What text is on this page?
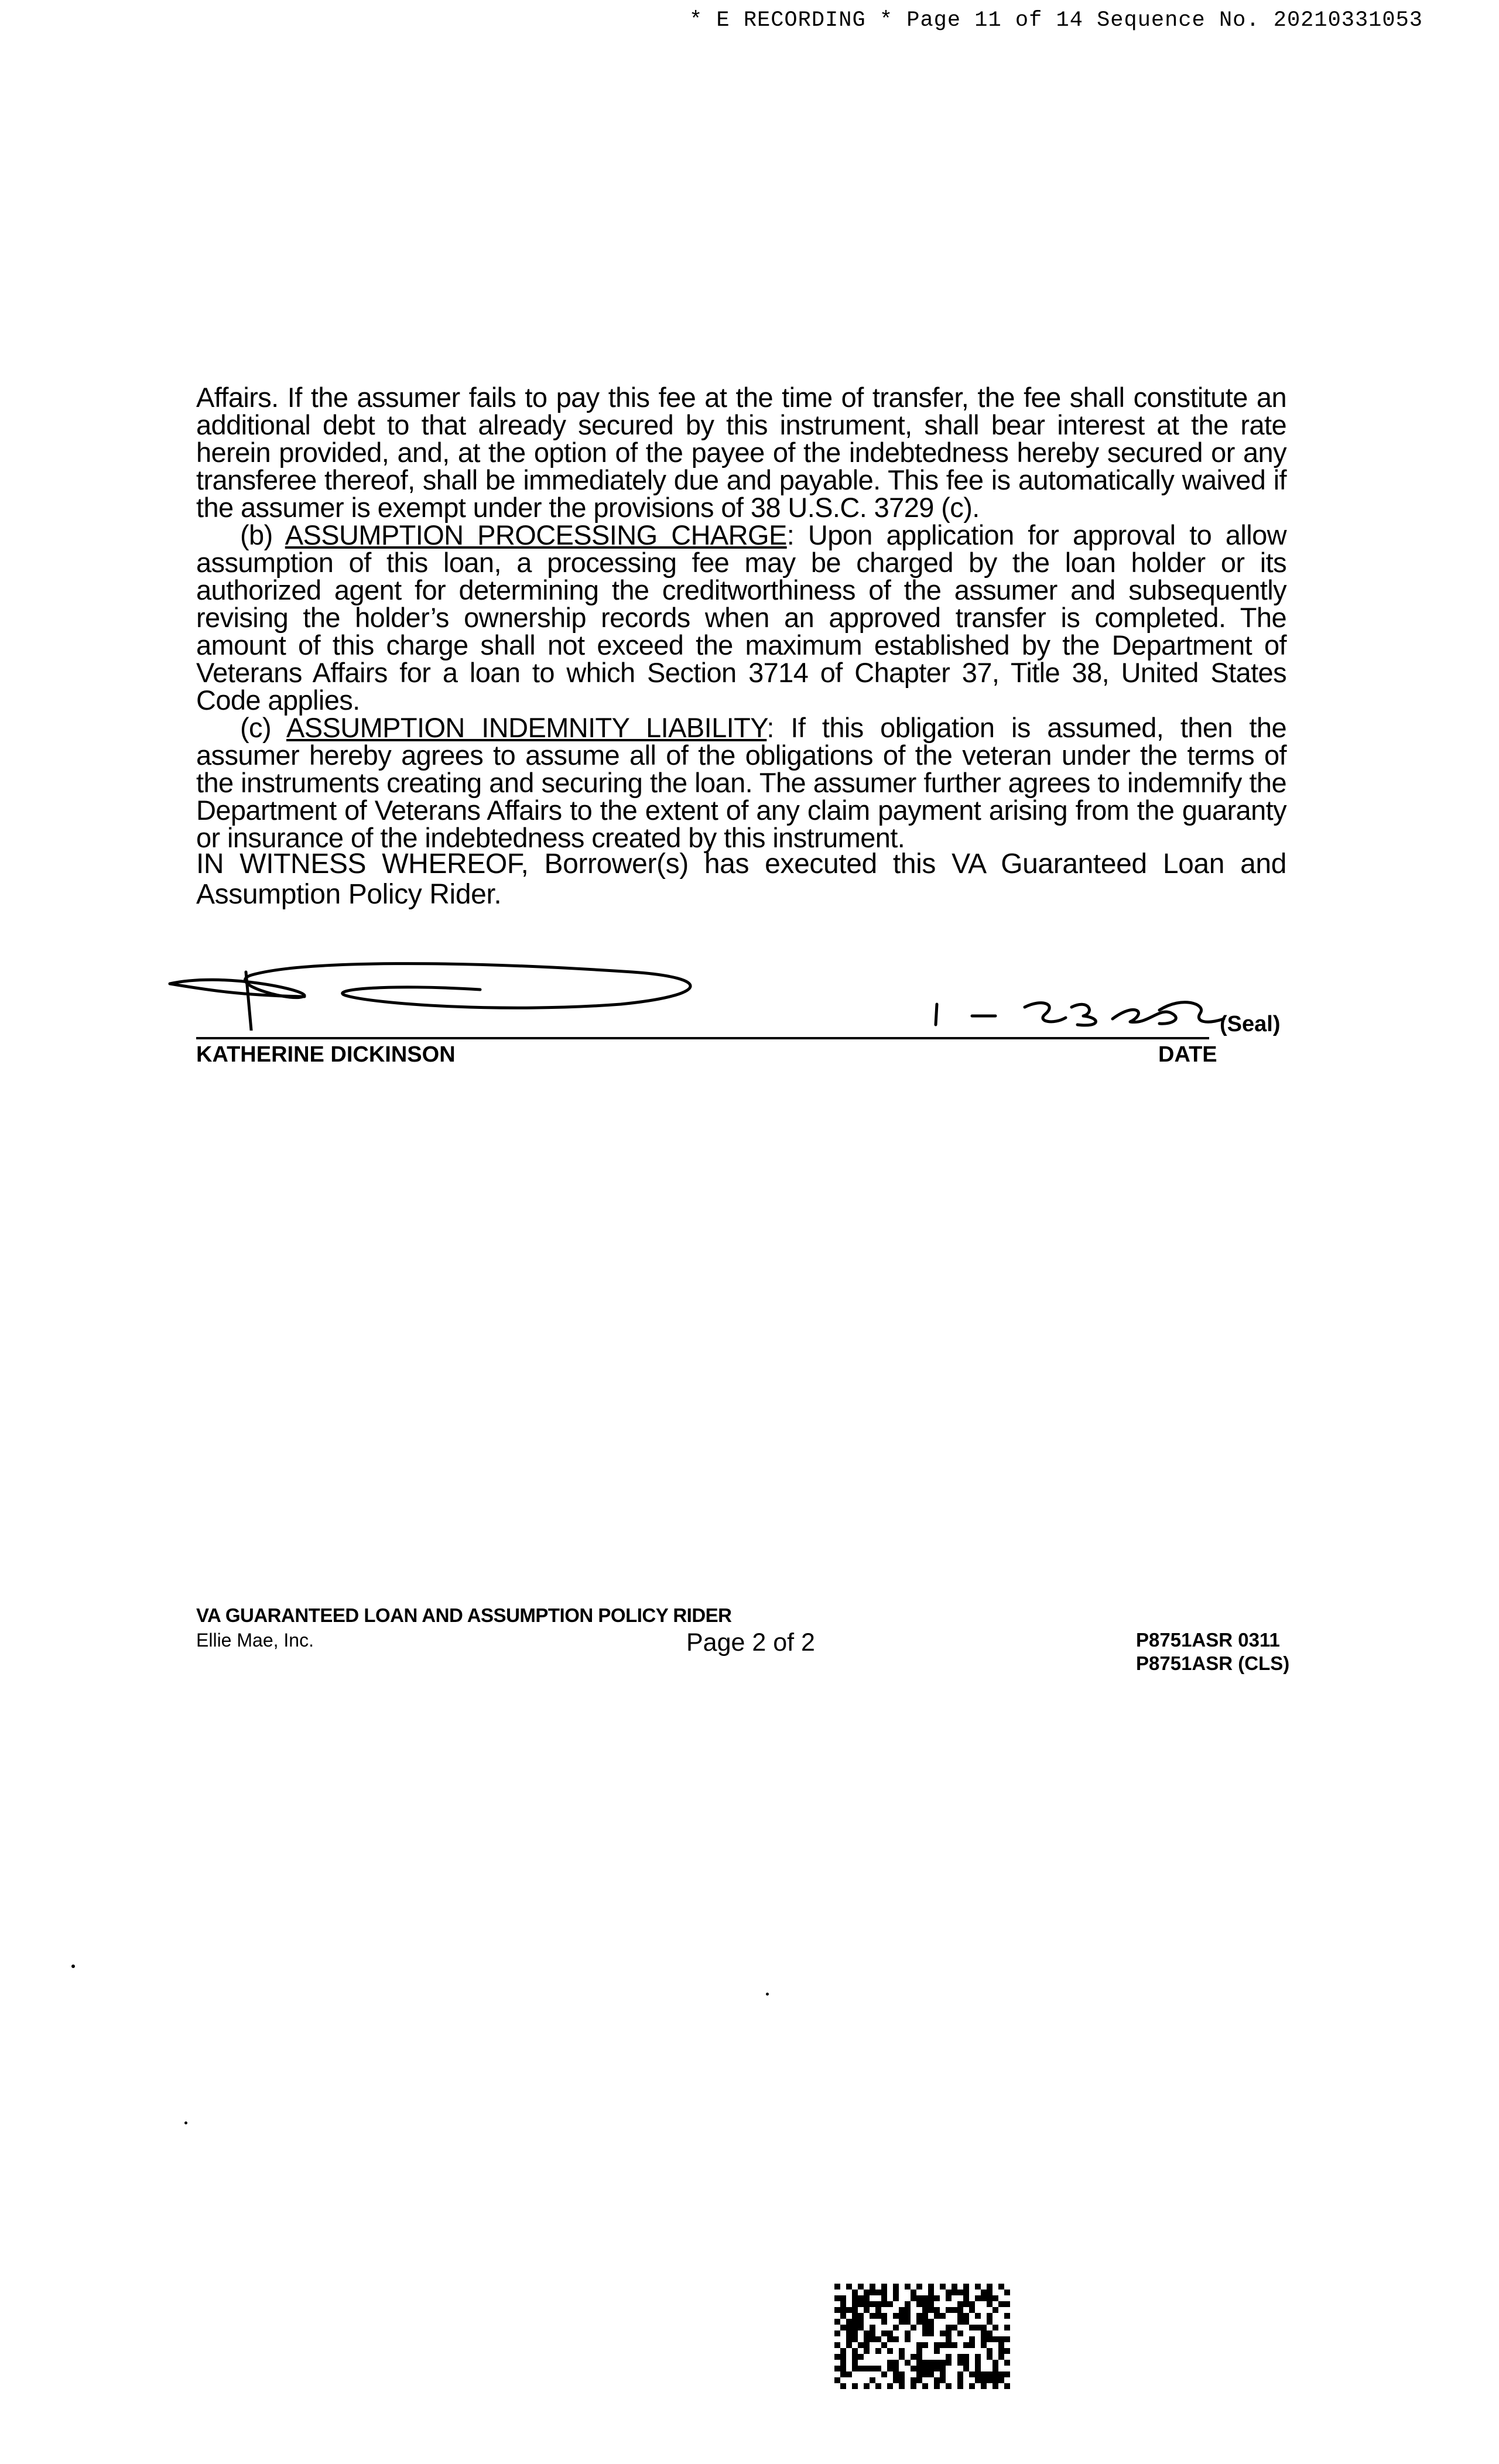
* E RECORDING * Page 11 of 14 Sequence No. 20210331053

Affairs. If the assumer fails to pay this fee at the time of transfer, the fee shall constitute an additional debt to that already secured by this instrument, shall bear interest at the rate herein provided, and, at the option of the payee of the indebtedness hereby secured or any transferee thereof, shall be immediately due and payable. This fee is automatically waived if the assumer is exempt under the provisions of 38 U.S.C. 3729 (c).

(b) ASSUMPTION PROCESSING CHARGE: Upon application for approval to allow assumption of this loan, a processing fee may be charged by the loan holder or its authorized agent for determining the creditworthiness of the assumer and subsequently revising the holder’s ownership records when an approved transfer is completed. The amount of this charge shall not exceed the maximum established by the Department of Veterans Affairs for a loan to which Section 3714 of Chapter 37, Title 38, United States Code applies.

(c) ASSUMPTION INDEMNITY LIABILITY: If this obligation is assumed, then the assumer hereby agrees to assume all of the obligations of the veteran under the terms of the instruments creating and securing the loan. The assumer further agrees to indemnify the Department of Veterans Affairs to the extent of any claim payment arising from the guaranty or insurance of the indebtedness created by this instrument.

IN WITNESS WHEREOF, Borrower(s) has executed this VA Guaranteed Loan and Assumption Policy Rider.
KATHERINE DICKINSON	DATE
(Seal)
VA GUARANTEED LOAN AND ASSUMPTION POLICY RIDER
Ellie Mae, Inc.	Page 2 of 2	P8751ASR 0311
P8751ASR (CLS)
